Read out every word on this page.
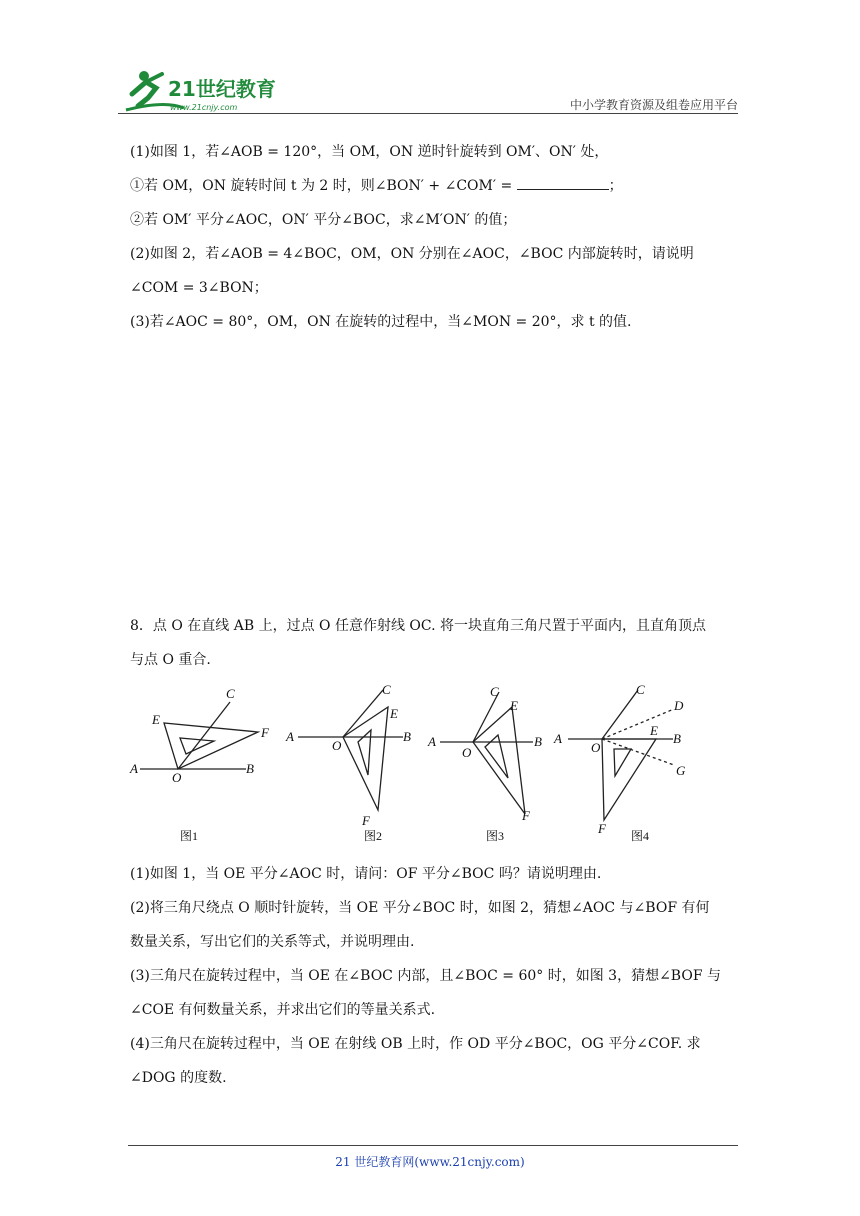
21世纪教育
www.21cnjy.com	中小学教育资源及组卷应用平台
(1)如图 1，若∠AOB = 120°，当 OM，ON 逆时针旋转到 OM′、ON′ 处，
①若 OM，ON 旋转时间 t 为 2 时，则∠BON′ + ∠COM′ =	；
②若 OM′ 平分∠AOC，ON′ 平分∠BOC，求∠M′ON′ 的值；
(2)如图 2，若∠AOB = 4∠BOC，OM，ON 分别在∠AOC，∠BOC 内部旋转时，请说明
∠COM = 3∠BON；
(3)若∠AOC = 80°，OM，ON 在旋转的过程中，当∠MON = 20°，求 t 的值.
8．点 O 在直线 AB 上，过点 O 任意作射线 OC. 将一块直角三角尺置于平面内，且直角顶点
与点 O 重合.
C
E
F
A
O
B
图1
C
E
A
O
B
F
图2
C
E
A
O
B
F
图3
C
D
A
O
E
B
G
F 图4
(1)如图 1，当 OE 平分∠AOC 时，请问：OF 平分∠BOC 吗？请说明理由.
(2)将三角尺绕点 O 顺时针旋转，当 OE 平分∠BOC 时，如图 2，猜想∠AOC 与∠BOF 有何
数量关系，写出它们的关系等式，并说明理由.
(3)三角尺在旋转过程中，当 OE 在∠BOC 内部，且∠BOC = 60° 时，如图 3，猜想∠BOF 与
∠COE 有何数量关系，并求出它们的等量关系式.
(4)三角尺在旋转过程中，当 OE 在射线 OB 上时，作 OD 平分∠BOC，OG 平分∠COF. 求
∠DOG 的度数.
21 世纪教育网(www.21cnjy.com)
